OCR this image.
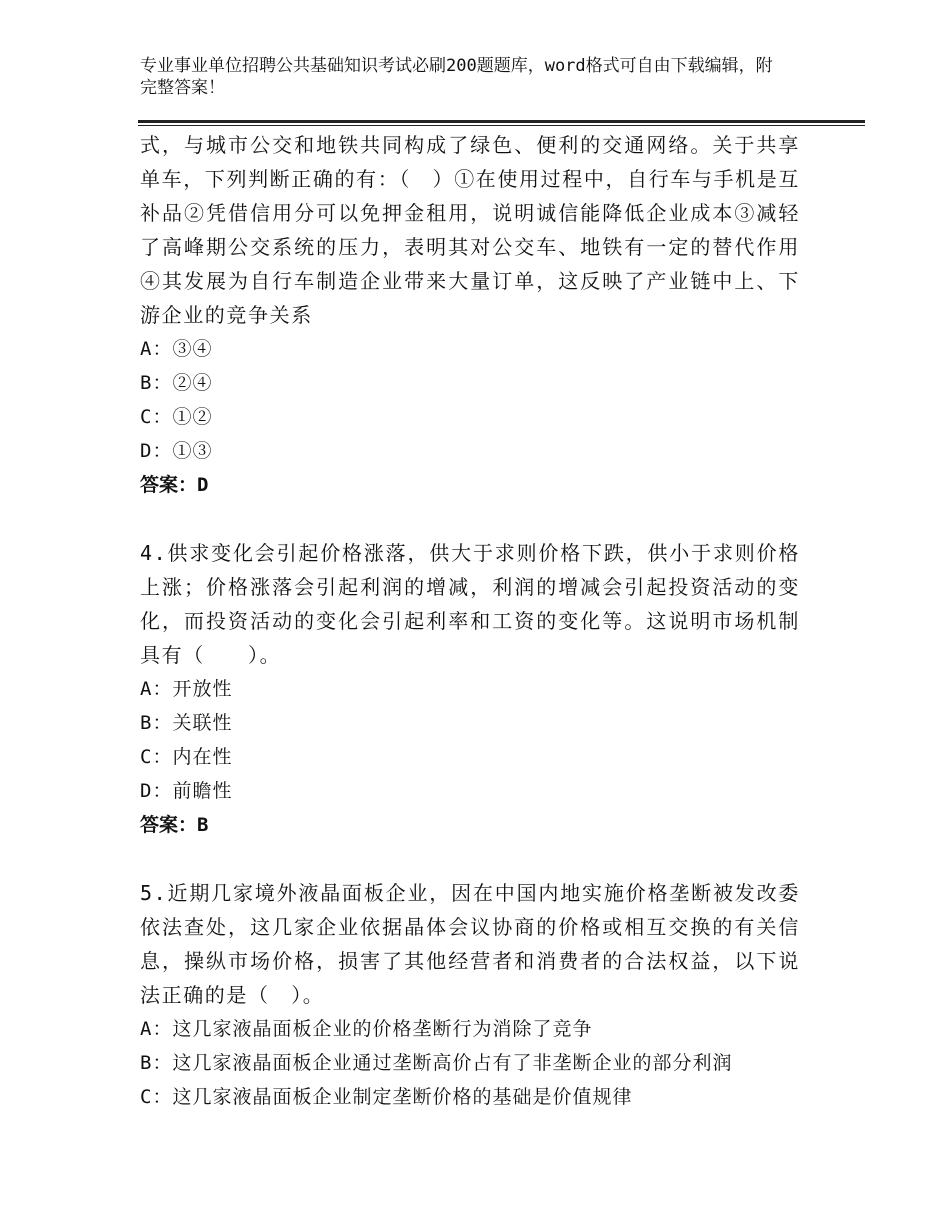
专业事业单位招聘公共基础知识考试必刷200题题库，word格式可自由下载编辑，附完整答案！

式，与城市公交和地铁共同构成了绿色、便利的交通网络。关于共享单车，下列判断正确的有：（　）①在使用过程中，自行车与手机是互补品②凭借信用分可以免押金租用，说明诚信能降低企业成本③减轻了高峰期公交系统的压力，表明其对公交车、地铁有一定的替代作用④其发展为自行车制造企业带来大量订单，这反映了产业链中上、下游企业的竞争关系

A：③④

B：②④

C：①②

D：①③

答案：D

4.供求变化会引起价格涨落，供大于求则价格下跌，供小于求则价格上涨；价格涨落会引起利润的增减，利润的增减会引起投资活动的变化，而投资活动的变化会引起利率和工资的变化等。这说明市场机制具有（　　）。

A：开放性

B：关联性

C：内在性

D：前瞻性

答案：B

5.近期几家境外液晶面板企业，因在中国内地实施价格垄断被发改委依法查处，这几家企业依据晶体会议协商的价格或相互交换的有关信息，操纵市场价格，损害了其他经营者和消费者的合法权益，以下说法正确的是（　）。

A：这几家液晶面板企业的价格垄断行为消除了竞争

B：这几家液晶面板企业通过垄断高价占有了非垄断企业的部分利润

C：这几家液晶面板企业制定垄断价格的基础是价值规律
